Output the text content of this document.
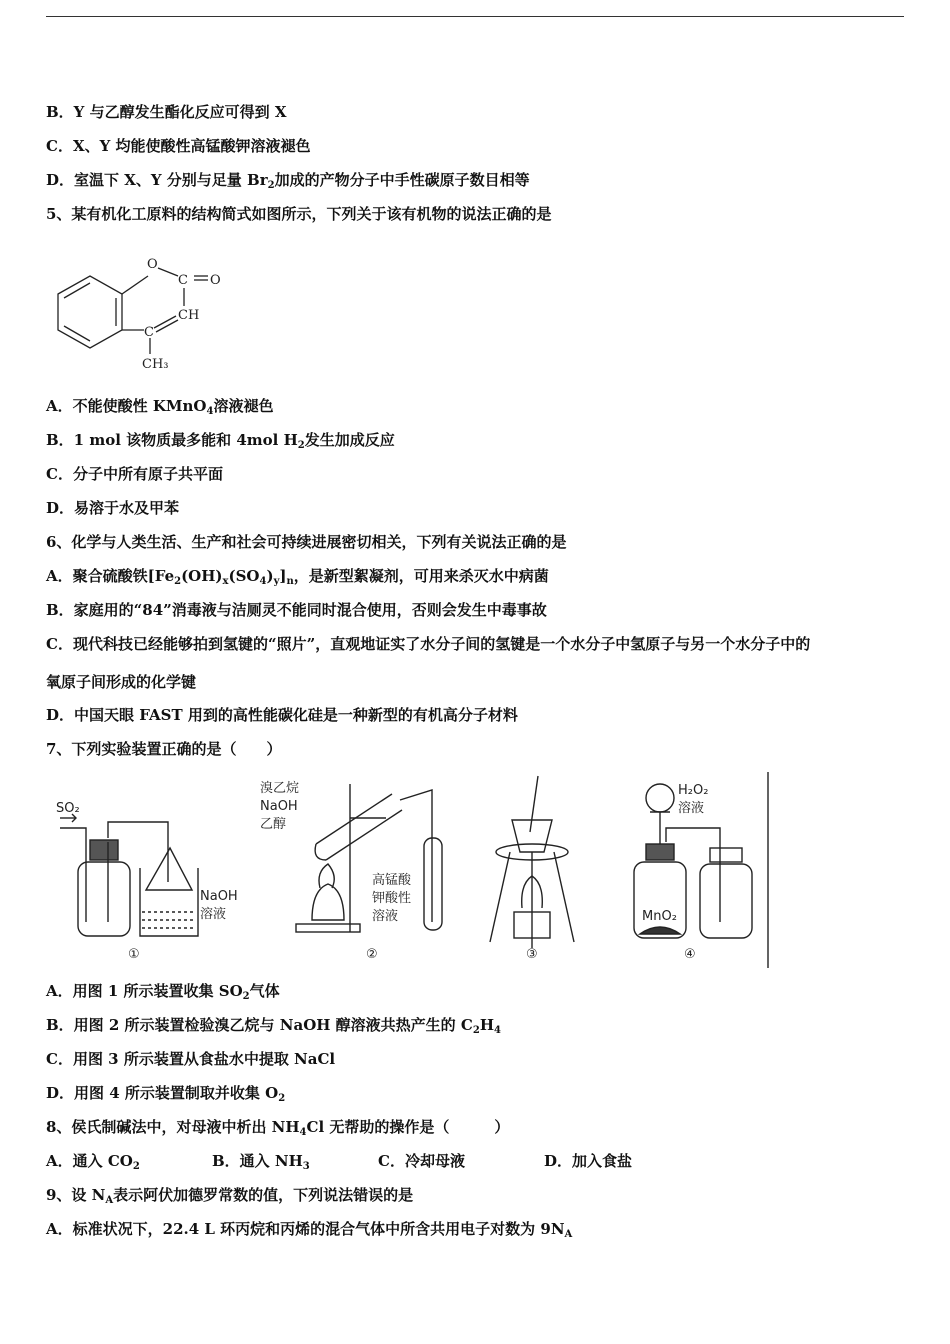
B．Y 与乙醇发生酯化反应可得到 X
C．X、Y 均能使酸性高锰酸钾溶液褪色
D．室温下 X、Y 分别与足量 $Br_2$加成的产物分子中手性碳原子数目相等
5、某有机化工原料的结构简式如图所示，下列关于该有机物的说法正确的是
O
C O
CH
C
CH₃
A．不能使酸性 KMnO$_4$溶液褪色
B．1 mol 该物质最多能和 4mol $H_2$发生加成反应
C．分子中所有原子共平面
D．易溶于水及甲苯
6、化学与人类生活、生产和社会可持续进展密切相关，下列有关说法正确的是
A．聚合硫酸铁$[Fe_2(OH)_x(SO_4)_y]_n$，是新型絮凝剂，可用来杀灭水中病菌
B．家庭用的“84”消毒液与洁厕灵不能同时混合使用，否则会发生中毒事故
C．现代科技已经能够拍到氢键的“照片”，直观地证实了水分子间的氢键是一个水分子中氢原子与另一个水分子中的
氧原子间形成的化学键
D．中国天眼 FAST 用到的高性能碳化硅是一种新型的有机高分子材料
7、下列实验装置正确的是（　　）
SO₂
NaOH
溶液
①
溴乙烷
NaOH
乙醇
高锰酸
钾酸性
溶液
②	③
H₂O₂
溶液
MnO₂
④
A．用图 1 所示装置收集 $SO_2$气体
B．用图 2 所示装置检验溴乙烷与 NaOH 醇溶液共热产生的 $C_2H_4$
C．用图 3 所示装置从食盐水中提取 NaCl
D．用图 4 所示装置制取并收集 $O_2$
8、侯氏制碱法中，对母液中析出 $NH_4Cl$ 无帮助的操作是（　　　）
A．通入 $CO_2$	B．通入 $NH_3$	C．冷却母液	D．加入食盐
9、设 $N_A$表示阿伏加德罗常数的值，下列说法错误的是
A．标准状况下，22.4 L 环丙烷和丙烯的混合气体中所含共用电子对数为 $9N_A$
